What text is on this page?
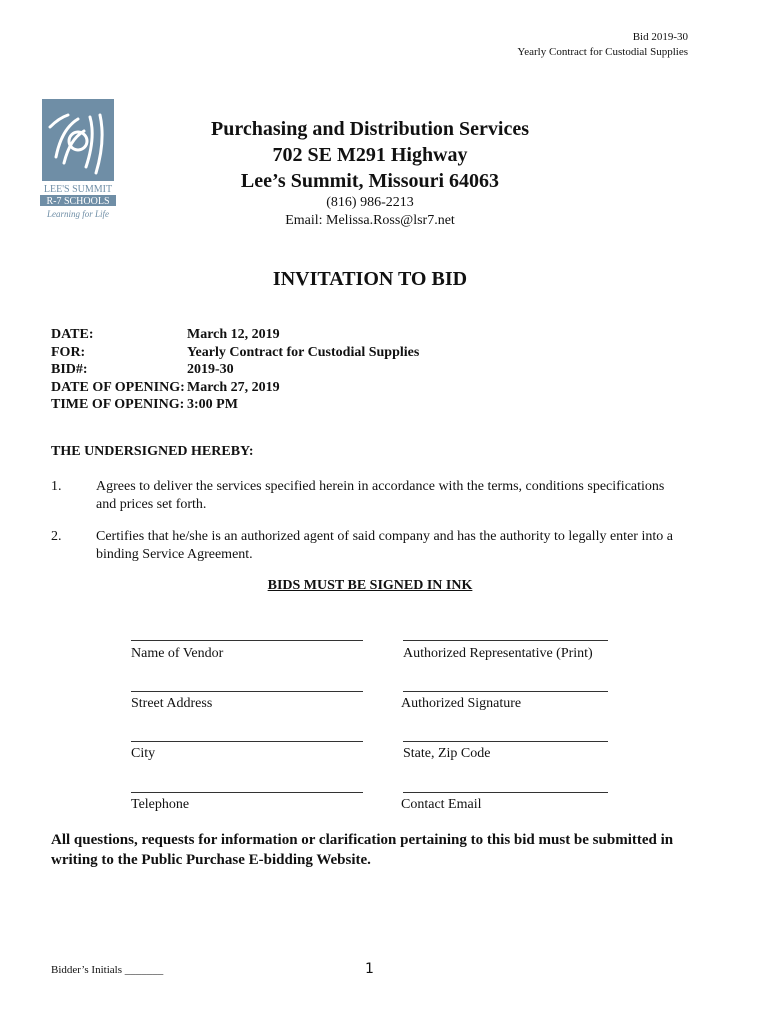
Bid 2019-30
Yearly Contract for Custodial Supplies
LEE'S SUMMIT
R-7 SCHOOLS
Learning for Life
Purchasing and Distribution Services
702 SE M291 Highway
Lee’s Summit, Missouri 64063
(816) 986-2213
Email: Melissa.Ross@lsr7.net
INVITATION TO BID
DATE:	March 12, 2019
FOR:	Yearly Contract for Custodial Supplies
BID#:	2019-30
DATE OF OPENING: March 27, 2019
TIME OF OPENING: 3:00 PM
THE UNDERSIGNED HEREBY:
1. Agrees to deliver the services specified herein in accordance with the terms, conditions specifications and prices set forth.
2. Certifies that he/she is an authorized agent of said company and has the authority to legally enter into a binding Service Agreement.
BIDS MUST BE SIGNED IN INK
Name of Vendor	Authorized Representative (Print)
Street Address	Authorized Signature
City	State, Zip Code
Telephone	Contact Email
All questions, requests for information or clarification pertaining to this bid must be submitted in writing to the Public Purchase E-bidding Website.
Bidder’s Initials _______	1
